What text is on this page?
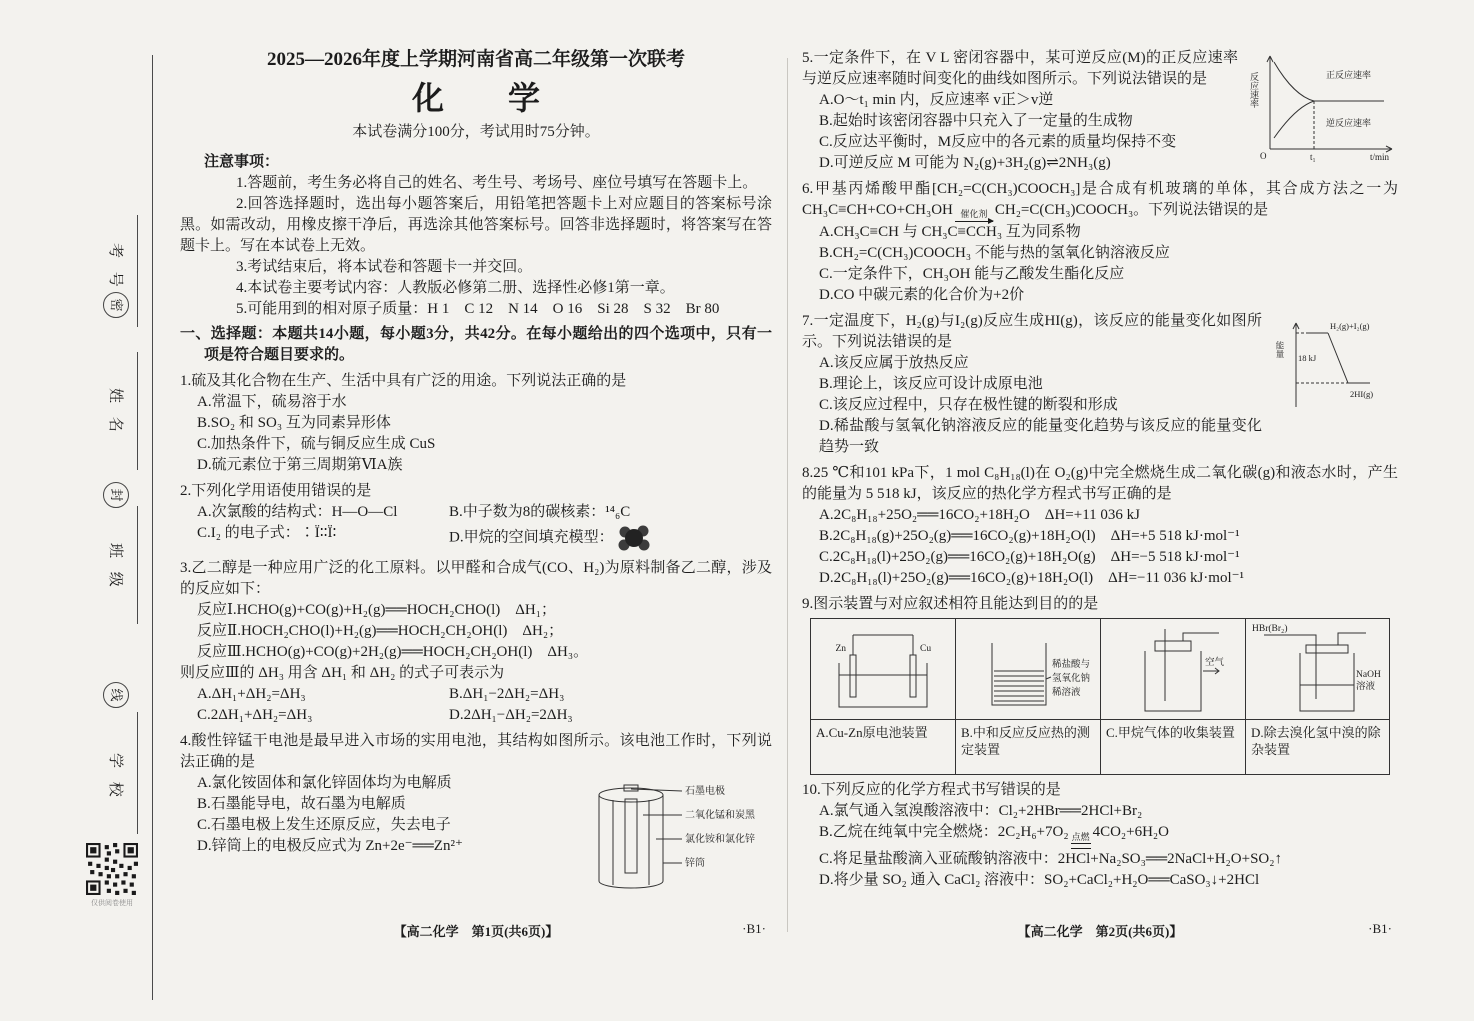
考 号
姓 名
班 级
学 校
密
封
线
仅供阅卷使用
2025—2026年度上学期河南省高二年级第一次联考
化　学
本试卷满分100分，考试用时75分钟。
注意事项：

1.答题前，考生务必将自己的姓名、考生号、考场号、座位号填写在答题卡上。

2.回答选择题时，选出每小题答案后，用铅笔把答题卡上对应题目的答案标号涂黑。如需改动，用橡皮擦干净后，再选涂其他答案标号。回答非选择题时，将答案写在答题卡上。写在本试卷上无效。

3.考试结束后，将本试卷和答题卡一并交回。

4.本试卷主要考试内容：人教版必修第二册、选择性必修1第一章。

5.可能用到的相对原子质量：H 1　C 12　N 14　O 16　Si 28　S 32　Br 80

一、选择题：本题共14小题，每小题3分，共42分。在每小题给出的四个选项中，只有一项是符合题目要求的。

1.硫及其化合物在生产、生活中具有广泛的用途。下列说法正确的是

A.常温下，硫易溶于水

B.SO₂ 和 SO₃ 互为同素异形体

C.加热条件下，硫与铜反应生成 CuS

D.硫元素位于第三周期第ⅥA族

2.下列化学用语使用错误的是

A.次氯酸的结构式：H—O—Cl	B.中子数为8的碳核素：¹⁴₆C
C.I₂ 的电子式：∶Ï∶∶Ï∶	D.甲烷的空间填充模型：

3.乙二醇是一种应用广泛的化工原料。以甲醛和合成气(CO、H₂)为原料制备乙二醇，涉及的反应如下：

反应Ⅰ.HCHO(g)+CO(g)+H₂(g)══HOCH₂CHO(l)　ΔH₁；

反应Ⅱ.HOCH₂CHO(l)+H₂(g)══HOCH₂CH₂OH(l)　ΔH₂；

反应Ⅲ.HCHO(g)+CO(g)+2H₂(g)══HOCH₂CH₂OH(l)　ΔH₃。

则反应Ⅲ的 ΔH₃ 用含 ΔH₁ 和 ΔH₂ 的式子可表示为

A.ΔH₁+ΔH₂=ΔH₃	B.ΔH₁−2ΔH₂=ΔH₃
C.2ΔH₁+ΔH₂=ΔH₃	D.2ΔH₁−ΔH₂=2ΔH₃

4.酸性锌锰干电池是最早进入市场的实用电池，其结构如图所示。该电池工作时，下列说法正确的是

石墨电极
二氧化锰和炭黑
氯化铵和氯化锌
锌筒

A.氯化铵固体和氯化锌固体均为电解质

B.石墨能导电，故石墨为电解质

C.石墨电极上发生还原反应，失去电子

D.锌筒上的电极反应式为 Zn+2e⁻══Zn²⁺

【高二化学　第1页(共6页)】	·B1·
反应速率	正反应速率
逆反应速率
O	t₁	t/min

5.一定条件下，在 V L 密闭容器中，某可逆反应(M)的正反应速率与逆反应速率随时间变化的曲线如图所示。下列说法错误的是

A.O～t₁ min 内，反应速率 v正＞v逆

B.起始时该密闭容器中只充入了一定量的生成物

C.反应达平衡时，M反应中的各元素的质量均保持不变

D.可逆反应 M 可能为 N₂(g)+3H₂(g)⇌2NH₃(g)

6.甲基丙烯酸甲酯[CH₂=C(CH₃)COOCH₃]是合成有机玻璃的单体，其合成方法之一为CH₃C≡CH+CO+CH₃OH 催化剂 CH₂=C(CH₃)COOCH₃。下列说法错误的是

A.CH₃C≡CH 与 CH₃C≡CCH₃ 互为同系物

B.CH₂=C(CH₃)COOCH₃ 不能与热的氢氧化钠溶液反应

C.一定条件下，CH₃OH 能与乙酸发生酯化反应

D.CO 中碳元素的化合价为+2价

能量
H₂(g)+I₂(g)
18 kJ
2HI(g)

7.一定温度下，H₂(g)与I₂(g)反应生成HI(g)，该反应的能量变化如图所示。下列说法错误的是

A.该反应属于放热反应

B.理论上，该反应可设计成原电池

C.该反应过程中，只存在极性键的断裂和形成

D.稀盐酸与氢氧化钠溶液反应的能量变化趋势与该反应的能量变化趋势一致

8.25 ℃和101 kPa下，1 mol C₈H₁₈(l)在 O₂(g)中完全燃烧生成二氧化碳(g)和液态水时，产生的能量为 5 518 kJ，该反应的热化学方程式书写正确的是

A.2C₈H₁₈+25O₂══16CO₂+18H₂O　ΔH=+11 036 kJ

B.2C₈H₁₈(g)+25O₂(g)══16CO₂(g)+18H₂O(l)　ΔH=+5 518 kJ·mol⁻¹

C.2C₈H₁₈(l)+25O₂(g)══16CO₂(g)+18H₂O(g)　ΔH=−5 518 kJ·mol⁻¹

D.2C₈H₁₈(l)+25O₂(g)══16CO₂(g)+18H₂O(l)　ΔH=−11 036 kJ·mol⁻¹

9.图示装置与对应叙述相符且能达到目的的是

Zn	Cu
A.Cu-Zn原电池装置
稀盐酸与
氢氧化钠
稀溶液
B.中和反应反应热的测定装置
空气
C.甲烷气体的收集装置
HBr(Br₂)
NaOH
溶液
D.除去溴化氢中溴的除杂装置

10.下列反应的化学方程式书写错误的是

A.氯气通入氢溴酸溶液中：Cl₂+2HBr══2HCl+Br₂

B.乙烷在纯氧中完全燃烧：2C₂H₆+7O₂ 点燃 4CO₂+6H₂O

C.将足量盐酸滴入亚硫酸钠溶液中：2HCl+Na₂SO₃══2NaCl+H₂O+SO₂↑

D.将少量 SO₂ 通入 CaCl₂ 溶液中：SO₂+CaCl₂+H₂O══CaSO₃↓+2HCl

【高二化学　第2页(共6页)】	·B1·
